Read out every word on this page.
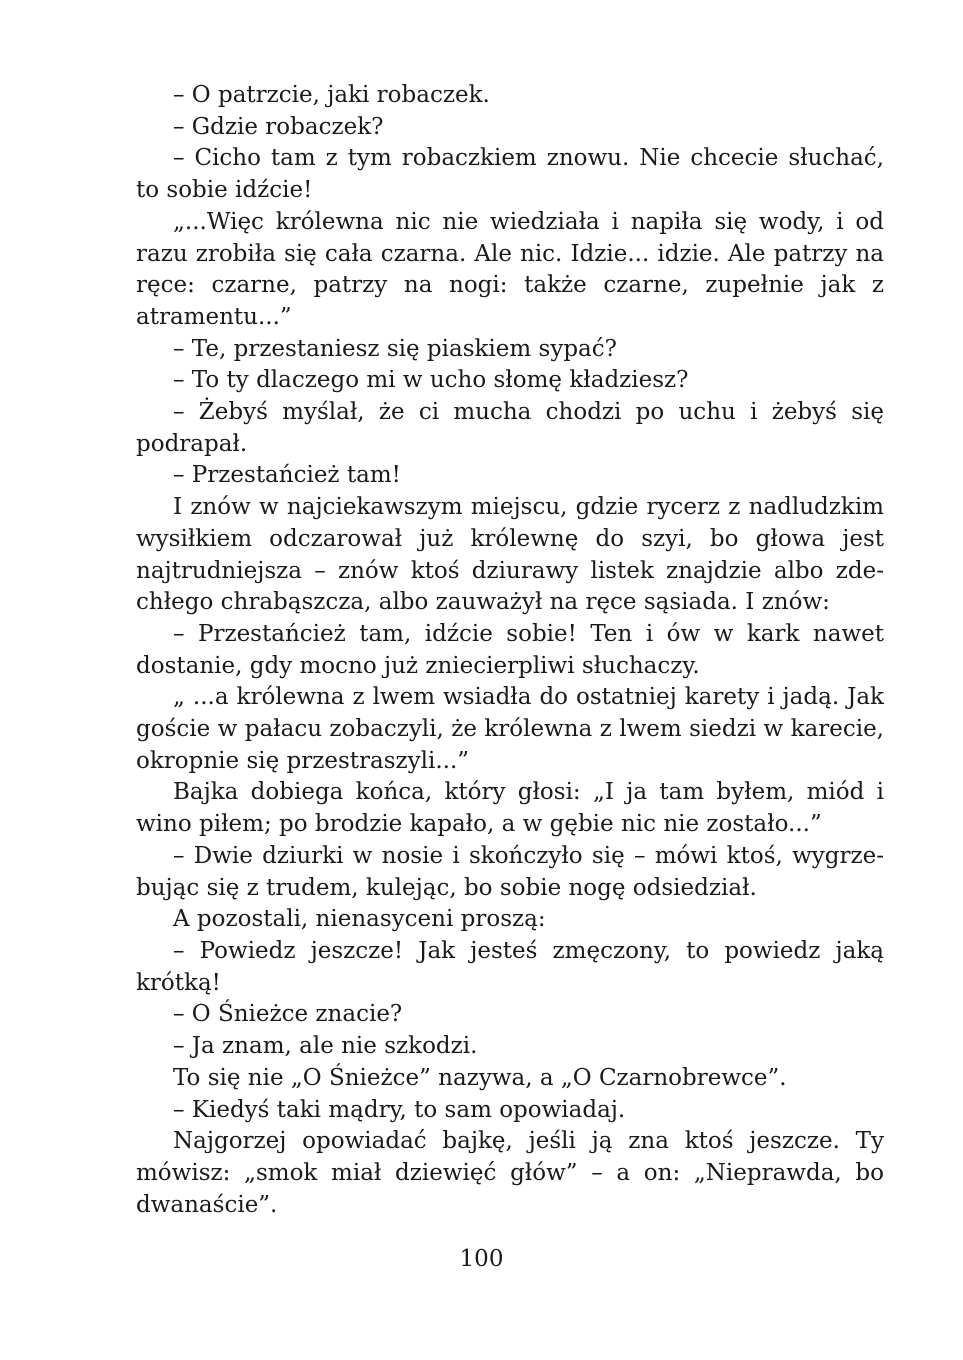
– O patrzcie, jaki robaczek.

– Gdzie robaczek?

– Cicho tam z tym robaczkiem znowu. Nie chcecie słuchać, to sobie idźcie!

„...Więc królewna nic nie wiedziała i napiła się wody, i od razu zrobiła się cała czarna. Ale nic. Idzie... idzie. Ale patrzy na ręce: czarne, patrzy na nogi: także czarne, zupełnie jak z atramentu...”

– Te, przestaniesz się piaskiem sypać?

– To ty dlaczego mi w ucho słomę kładziesz?

– Żebyś myślał, że ci mucha chodzi po uchu i żebyś się podrapał.

– Przestańcież tam!

I znów w najciekawszym miejscu, gdzie rycerz z nadludzkim wysiłkiem odczarował już królewnę do szyi, bo głowa jest najtrudniejsza – znów ktoś dziurawy listek znajdzie albo zdechłego chrabąszcza, albo zauważył na ręce sąsiada. I znów:

– Przestańcież tam, idźcie sobie! Ten i ów w kark nawet dostanie, gdy mocno już zniecierpliwi słuchaczy.

„ ...a królewna z lwem wsiadła do ostatniej karety i jadą. Jak goście w pałacu zobaczyli, że królewna z lwem siedzi w karecie, okropnie się przestraszyli...”

Bajka dobiega końca, który głosi: „I ja tam byłem, miód i wino piłem; po brodzie kapało, a w gębie nic nie zostało...”

– Dwie dziurki w nosie i skończyło się – mówi ktoś, wygrzebując się z trudem, kulejąc, bo sobie nogę odsiedział.

A pozostali, nienasyceni proszą:

– Powiedz jeszcze! Jak jesteś zmęczony, to powiedz jaką krótką!

– O Śnieżce znacie?

– Ja znam, ale nie szkodzi.

To się nie „O Śnieżce” nazywa, a „O Czarnobrewce”.

– Kiedyś taki mądry, to sam opowiadaj.

Najgorzej opowiadać bajkę, jeśli ją zna ktoś jeszcze. Ty mówisz: „smok miał dziewięć głów” – a on: „Nieprawda, bo dwanaście”.

100
